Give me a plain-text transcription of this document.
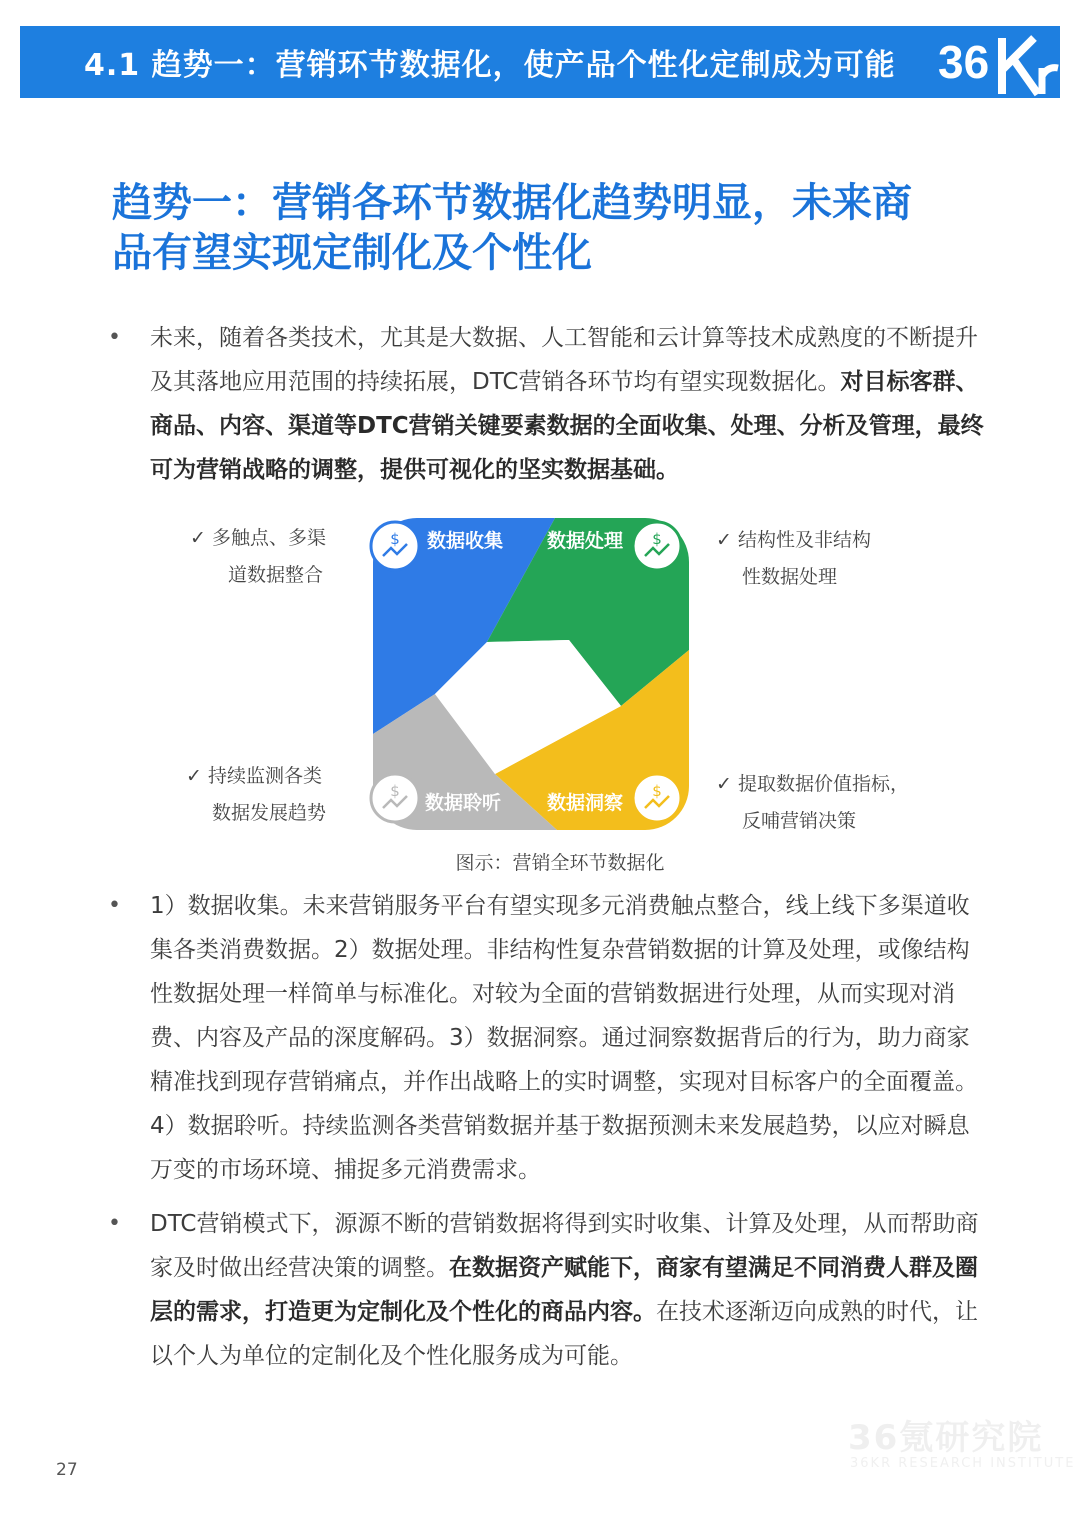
4.1 趋势一：营销环节数据化，使产品个性化定制成为可能 36
趋势一：营销各环节数据化趋势明显，未来商
品有望实现定制化及个性化
• 未来，随着各类技术，尤其是大数据、人工智能和云计算等技术成熟度的不断提升及其落地应用范围的持续拓展，DTC营销各环节均有望实现数据化。对目标客群、商品、内容、渠道等DTC营销关键要素数据的全面收集、处理、分析及管理，最终可为营销战略的调整，提供可视化的坚实数据基础。
✓ 多触点、多渠
道数据整合
✓ 结构性及非结构
性数据处理
✓ 持续监测各类
数据发展趋势
✓ 提取数据价值指标，
反哺营销决策
$	$
$	$
数据收集 数据处理
数据聆听 数据洞察
图示：营销全环节数据化
• 1）数据收集。未来营销服务平台有望实现多元消费触点整合，线上线下多渠道收集各类消费数据。2）数据处理。非结构性复杂营销数据的计算及处理，或像结构性数据处理一样简单与标准化。对较为全面的营销数据进行处理，从而实现对消费、内容及产品的深度解码。3）数据洞察。通过洞察数据背后的行为，助力商家精准找到现存营销痛点，并作出战略上的实时调整，实现对目标客户的全面覆盖。4）数据聆听。持续监测各类营销数据并基于数据预测未来发展趋势，以应对瞬息万变的市场环境、捕捉多元消费需求。
• DTC营销模式下，源源不断的营销数据将得到实时收集、计算及处理，从而帮助商家及时做出经营决策的调整。在数据资产赋能下，商家有望满足不同消费人群及圈层的需求，打造更为定制化及个性化的商品内容。在技术逐渐迈向成熟的时代，让以个人为单位的定制化及个性化服务成为可能。
36氪研究院
36KR RESEARCH INSTITUTE
27
